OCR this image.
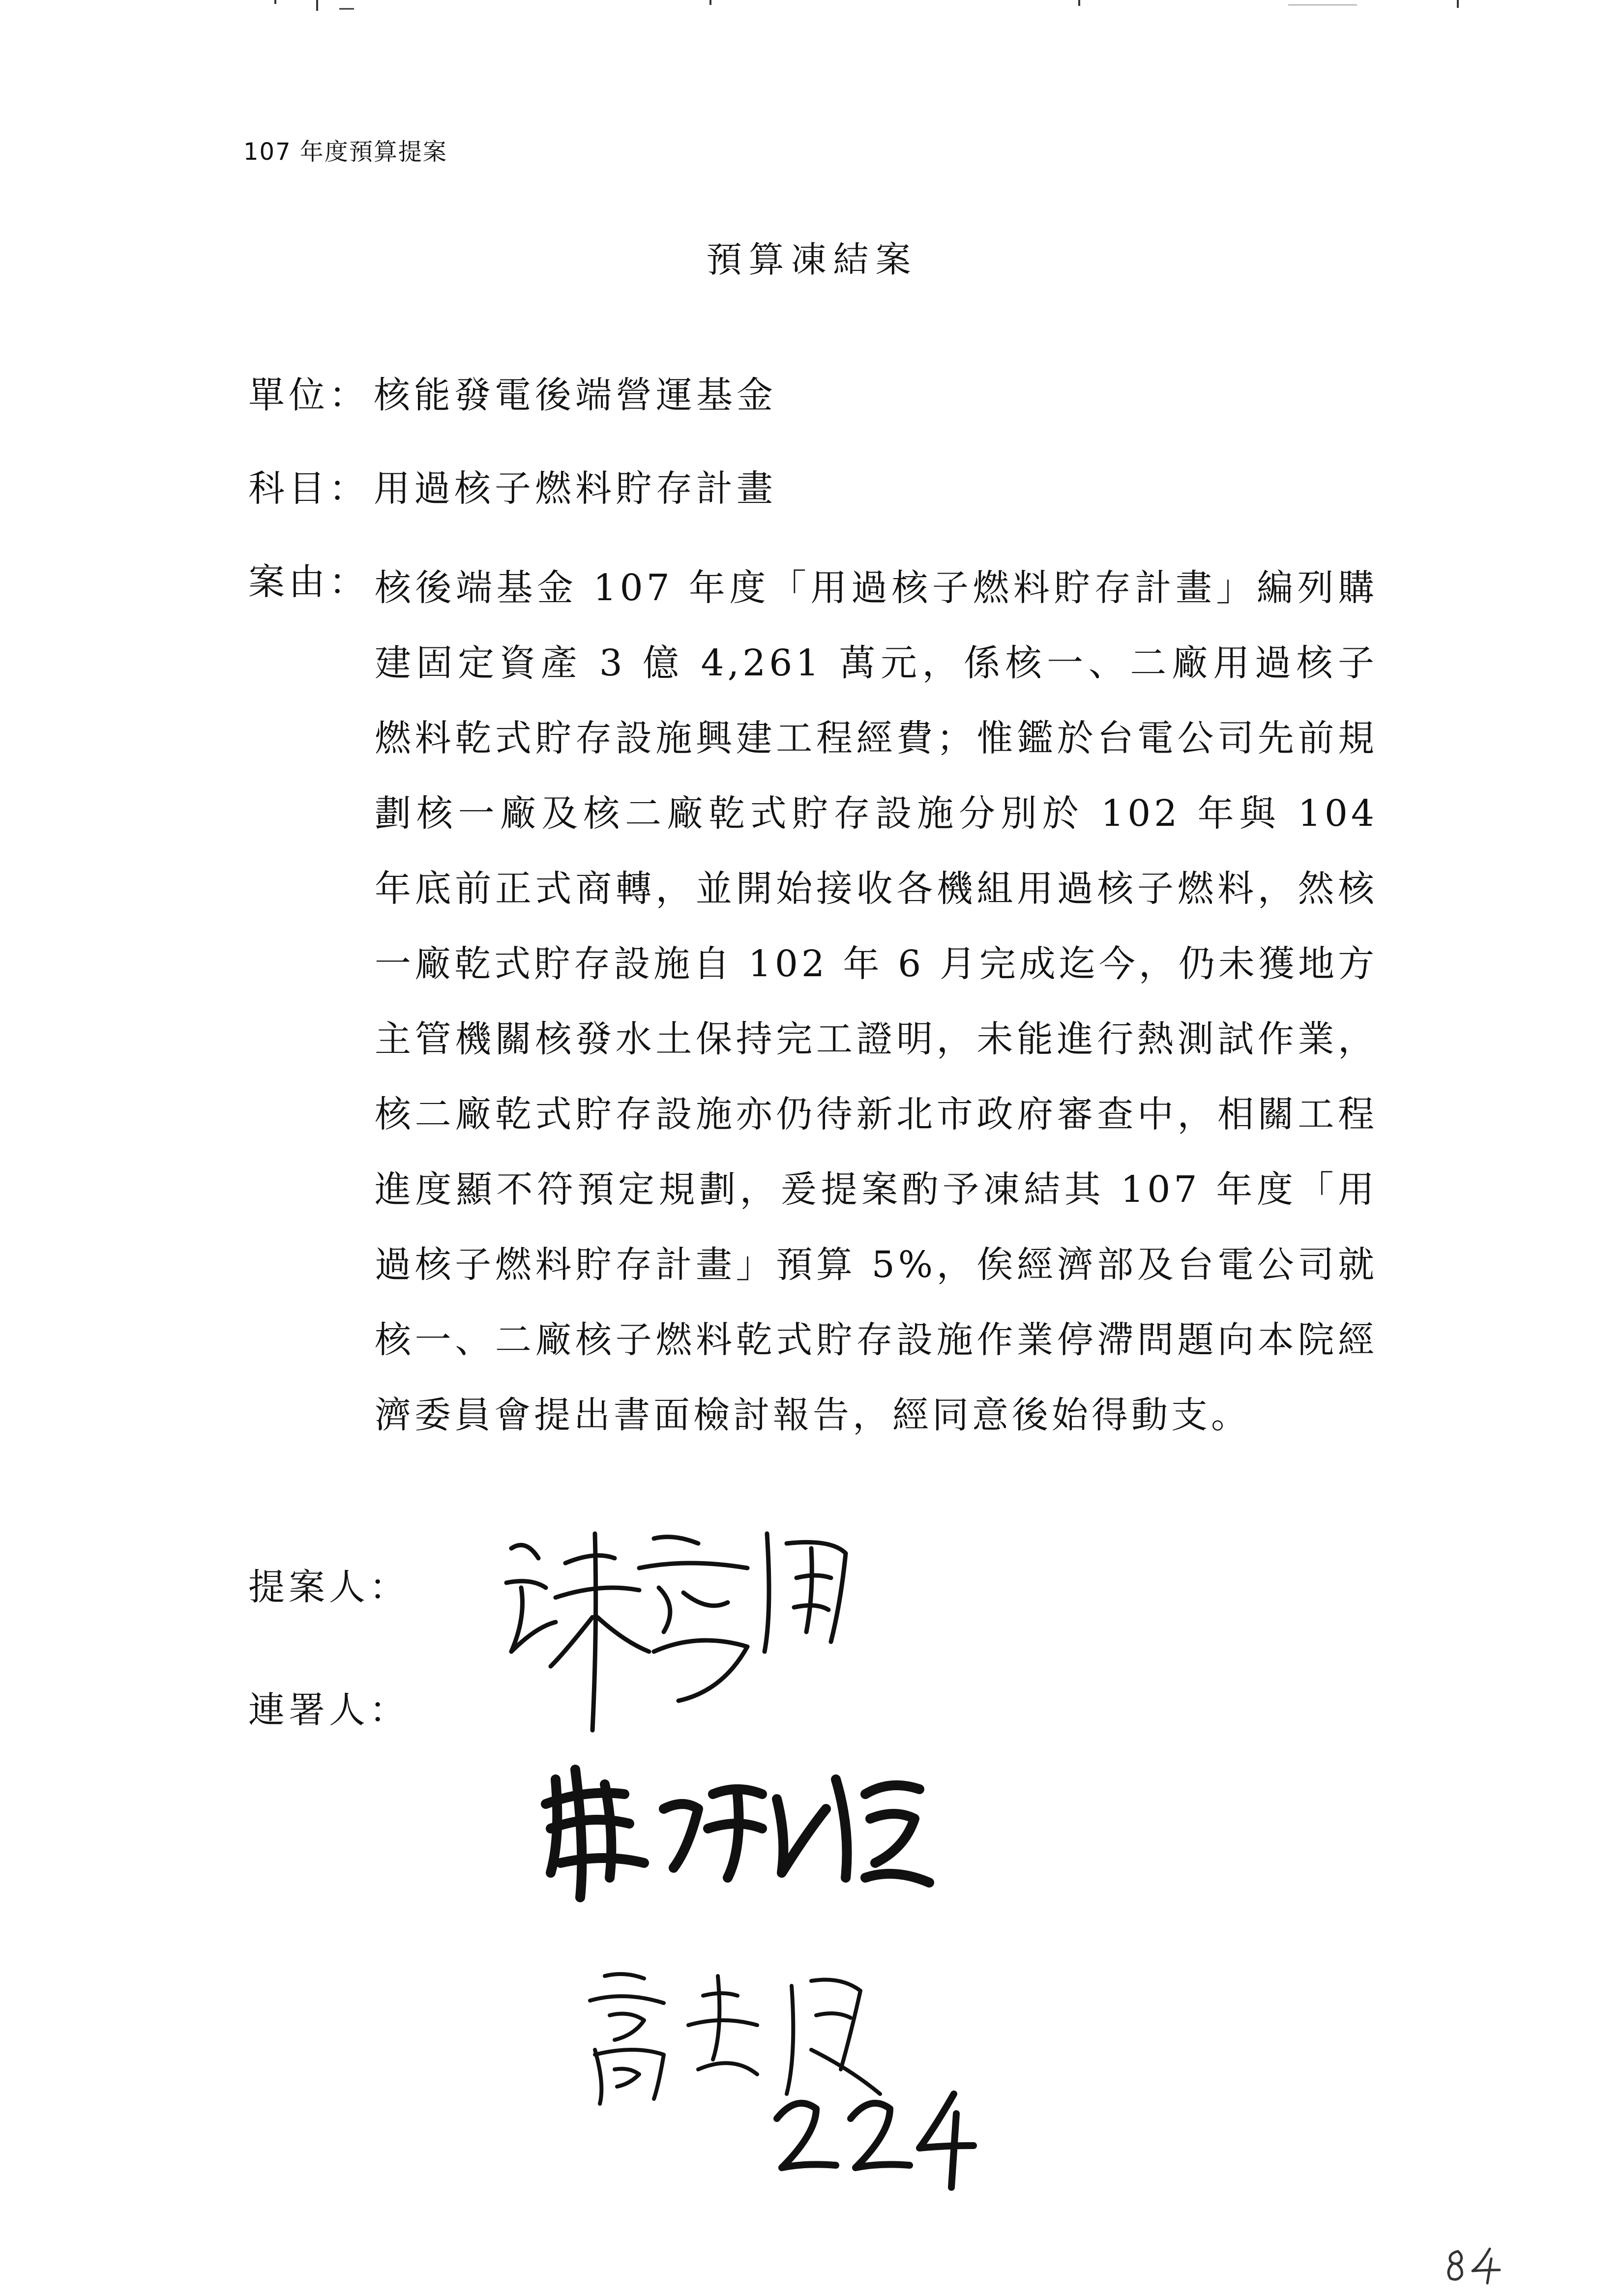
107 年度預算提案
預算凍結案
單位： 核能發電後端營運基金
科目： 用過核子燃料貯存計畫
案由： 核後端基金 107 年度「用過核子燃料貯存計畫」編列購建固定資產 3 億 4,261 萬元，係核一、二廠用過核子燃料乾式貯存設施興建工程經費；惟鑑於台電公司先前規劃核一廠及核二廠乾式貯存設施分別於 102 年與 104 年底前正式商轉，並開始接收各機組用過核子燃料，然核一廠乾式貯存設施自 102 年 6 月完成迄今，仍未獲地方主管機關核發水土保持完工證明，未能進行熱測試作業，核二廠乾式貯存設施亦仍待新北市政府審查中，相關工程進度顯不符預定規劃，爰提案酌予凍結其 107 年度「用過核子燃料貯存計畫」預算 5%，俟經濟部及台電公司就核一、二廠核子燃料乾式貯存設施作業停滯問題向本院經濟委員會提出書面檢討報告，經同意後始得動支。
提案人：
連署人：
